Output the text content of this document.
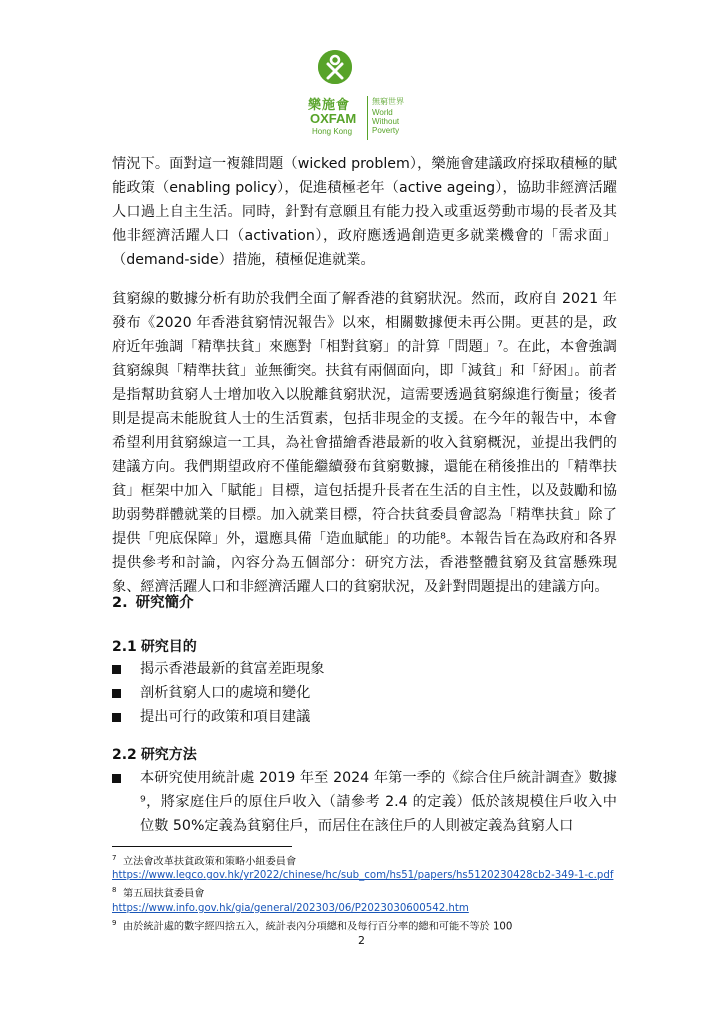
樂施會
OXFAM
Hong Kong
無窮世界
World
Without
Poverty
情況下。面對這一複雜問題（wicked problem），樂施會建議政府採取積極的賦能政策（enabling policy），促進積極老年（active ageing），協助非經濟活躍人口過上自主生活。同時，針對有意願且有能力投入或重返勞動市場的長者及其他非經濟活躍人口（activation），政府應透過創造更多就業機會的「需求面」（demand-side）措施，積極促進就業。
貧窮線的數據分析有助於我們全面了解香港的貧窮狀況。然而，政府自 2021 年發布《2020 年香港貧窮情況報告》以來，相關數據便未再公開。更甚的是，政府近年強調「精準扶貧」來應對「相對貧窮」的計算「問題」⁷。在此，本會強調貧窮線與「精準扶貧」並無衝突。扶貧有兩個面向，即「減貧」和「紓困」。前者是指幫助貧窮人士增加收入以脫離貧窮狀況，這需要透過貧窮線進行衡量；後者則是提高未能脫貧人士的生活質素，包括非現金的支援。在今年的報告中，本會希望利用貧窮線這一工具，為社會描繪香港最新的收入貧窮概況，並提出我們的建議方向。我們期望政府不僅能繼續發布貧窮數據，還能在稍後推出的「精準扶貧」框架中加入「賦能」目標，這包括提升長者在生活的自主性，以及鼓勵和協助弱勢群體就業的目標。加入就業目標，符合扶貧委員會認為「精準扶貧」除了提供「兜底保障」外，還應具備「造血賦能」的功能⁸。本報告旨在為政府和各界提供參考和討論，內容分為五個部分：研究方法，香港整體貧窮及貧富懸殊現象、經濟活躍人口和非經濟活躍人口的貧窮狀況，及針對問題提出的建議方向。
2. 研究簡介
2.1 研究目的
揭示香港最新的貧富差距現象
剖析貧窮人口的處境和變化
提出可行的政策和項目建議
2.2 研究方法
本研究使用統計處 2019 年至 2024 年第一季的《綜合住戶統計調查》數據⁹，將家庭住戶的原住戶收入（請參考 2.4 的定義）低於該規模住戶收入中位數 50%定義為貧窮住戶，而居住在該住戶的人則被定義為貧窮人口
$^7$ 立法會改革扶貧政策和策略小組委員會
https://www.legco.gov.hk/yr2022/chinese/hc/sub_com/hs51/papers/hs5120230428cb2-349-1-c.pdf
$^8$ 第五屆扶貧委員會
https://www.info.gov.hk/gia/general/202303/06/P2023030600542.htm
$^9$ 由於統計處的數字經四捨五入，統計表內分項總和及每行百分率的總和可能不等於 100
2
